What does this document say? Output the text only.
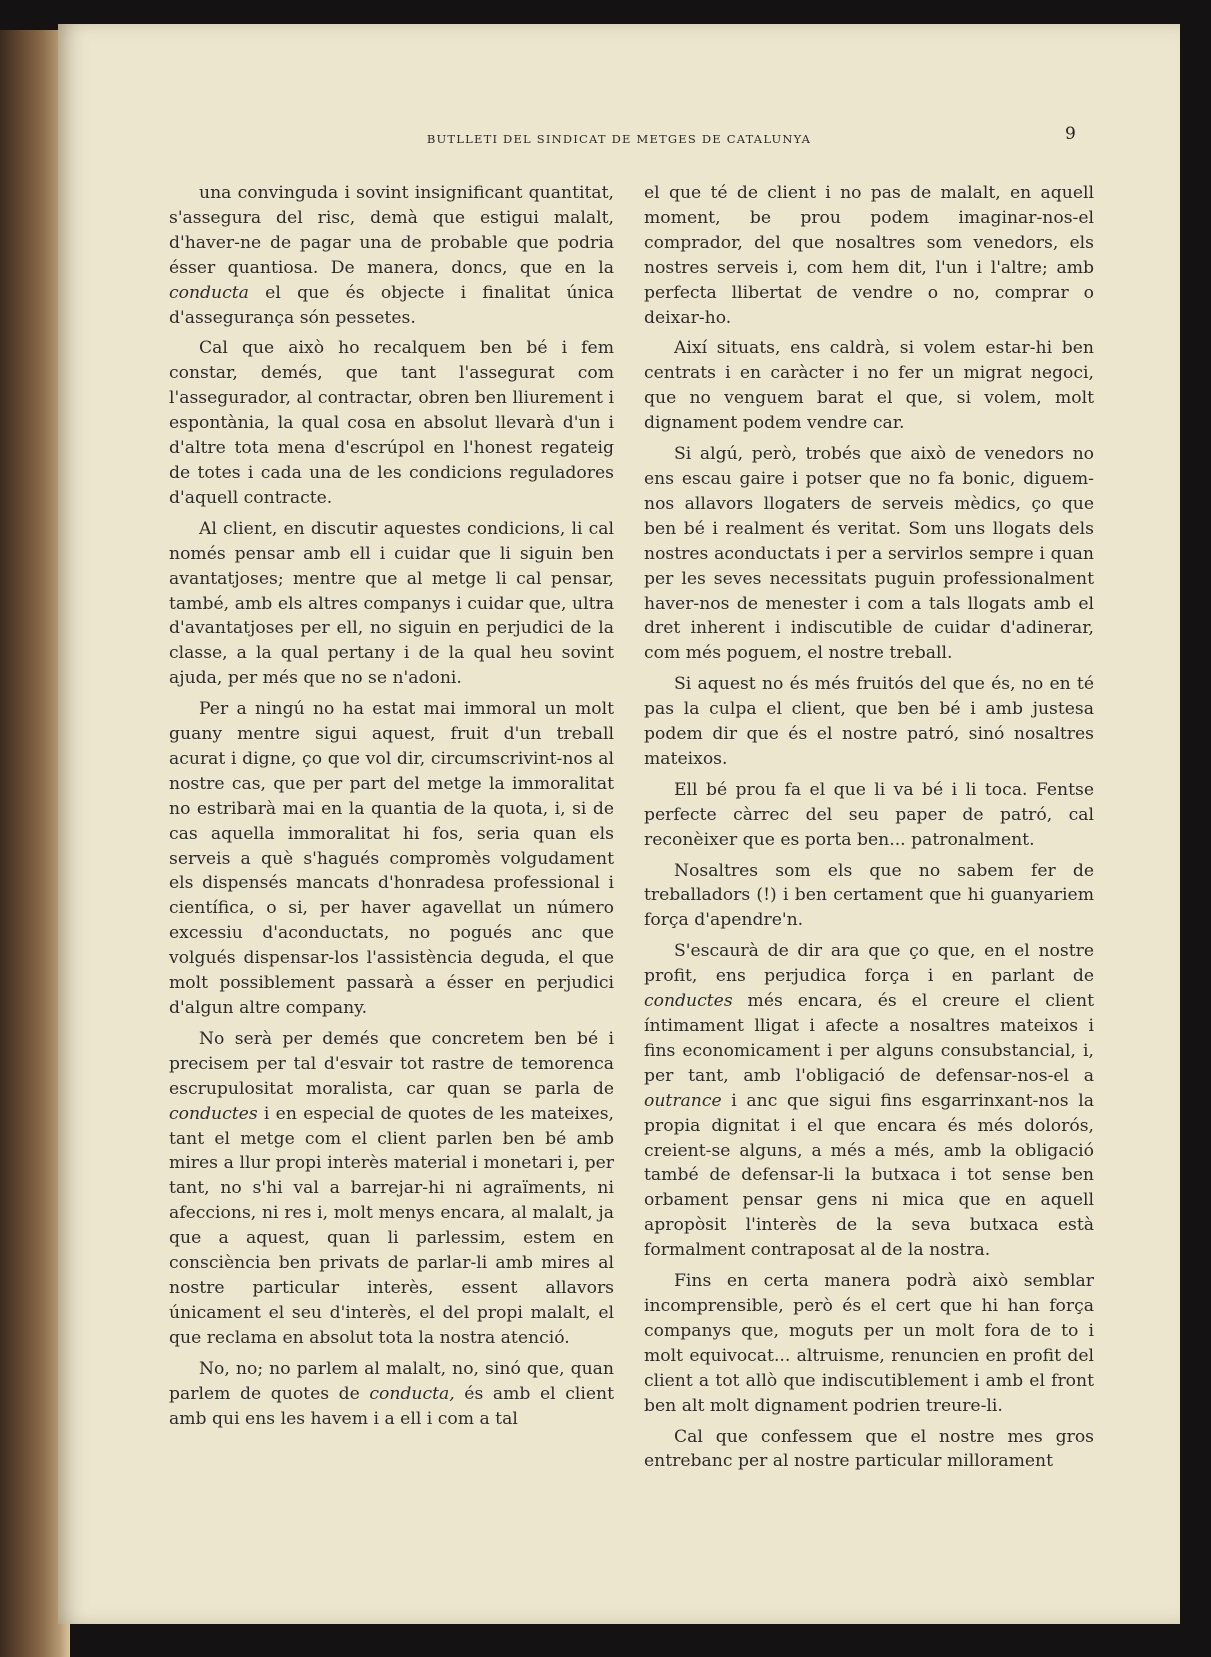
BUTLLETI DEL SINDICAT DE METGES DE CATALUNYA	9

una convinguda i sovint insignificant quantitat, s'assegura del risc, demà que estigui malalt, d'haver-ne de pagar una de probable que podria ésser quantiosa. De manera, doncs, que en la conducta el que és objecte i finalitat única d'assegurança són pessetes.

Cal que això ho recalquem ben bé i fem constar, demés, que tant l'assegurat com l'assegurador, al contractar, obren ben lliurement i espontània, la qual cosa en absolut llevarà d'un i d'altre tota mena d'escrúpol en l'honest regateig de totes i cada una de les condicions reguladores d'aquell contracte.

Al client, en discutir aquestes condicions, li cal només pensar amb ell i cuidar que li siguin ben avantatjoses; mentre que al metge li cal pensar, també, amb els altres companys i cuidar que, ultra d'avantatjoses per ell, no siguin en perjudici de la classe, a la qual pertany i de la qual heu sovint ajuda, per més que no se n'adoni.

Per a ningú no ha estat mai immoral un molt guany mentre sigui aquest, fruit d'un treball acurat i digne, ço que vol dir, circumscrivint-nos al nostre cas, que per part del metge la immoralitat no estribarà mai en la quantia de la quota, i, si de cas aquella immoralitat hi fos, seria quan els serveis a què s'hagués compromès volgudament els dispensés mancats d'honradesa professional i científica, o si, per haver agavellat un número excessiu d'aconductats, no pogués anc que volgués dispensar-los l'assistència deguda, el que molt possiblement passarà a ésser en perjudici d'algun altre company.

No serà per demés que concretem ben bé i precisem per tal d'esvair tot rastre de temorenca escrupulositat moralista, car quan se parla de conductes i en especial de quotes de les mateixes, tant el metge com el client parlen ben bé amb mires a llur propi interès material i monetari i, per tant, no s'hi val a barrejar-hi ni agraïments, ni afeccions, ni res i, molt menys encara, al malalt, ja que a aquest, quan li parlessim, estem en consciència ben privats de parlar-li amb mires al nostre particular interès, essent allavors únicament el seu d'interès, el del propi malalt, el que reclama en absolut tota la nostra atenció.

No, no; no parlem al malalt, no, sinó que, quan parlem de quotes de conducta, és amb el client amb qui ens les havem i a ell i com a tal

el que té de client i no pas de malalt, en aquell moment, be prou podem imaginar-nos-el comprador, del que nosaltres som venedors, els nostres serveis i, com hem dit, l'un i l'altre; amb perfecta llibertat de vendre o no, comprar o deixar-ho.

Així situats, ens caldrà, si volem estar-hi ben centrats i en caràcter i no fer un migrat negoci, que no venguem barat el que, si volem, molt dignament podem vendre car.

Si algú, però, trobés que això de venedors no ens escau gaire i potser que no fa bonic, diguem-nos allavors llogaters de serveis mèdics, ço que ben bé i realment és veritat. Som uns llogats dels nostres aconductats i per a servirlos sempre i quan per les seves necessitats puguin professionalment haver-nos de menester i com a tals llogats amb el dret inherent i indiscutible de cuidar d'adinerar, com més poguem, el nostre treball.

Si aquest no és més fruitós del que és, no en té pas la culpa el client, que ben bé i amb justesa podem dir que és el nostre patró, sinó nosaltres mateixos.

Ell bé prou fa el que li va bé i li toca. Fentse perfecte càrrec del seu paper de patró, cal reconèixer que es porta ben... patronalment.

Nosaltres som els que no sabem fer de treballadors (!) i ben certament que hi guanyariem força d'apendre'n.

S'escaurà de dir ara que ço que, en el nostre profit, ens perjudica força i en parlant de conductes més encara, és el creure el client íntimament lligat i afecte a nosaltres mateixos i fins economicament i per alguns consubstancial, i, per tant, amb l'obligació de defensar-nos-el a outrance i anc que sigui fins esgarrinxant-nos la propia dignitat i el que encara és més dolorós, creient-se alguns, a més a més, amb la obligació també de defensar-li la butxaca i tot sense ben orbament pensar gens ni mica que en aquell apropòsit l'interès de la seva butxaca està formalment contraposat al de la nostra.

Fins en certa manera podrà això semblar incomprensible, però és el cert que hi han força companys que, moguts per un molt fora de to i molt equivocat... altruisme, renuncien en profit del client a tot allò que indiscutiblement i amb el front ben alt molt dignament podrien treure-li.

Cal que confessem que el nostre mes gros entrebanc per al nostre particular millorament
